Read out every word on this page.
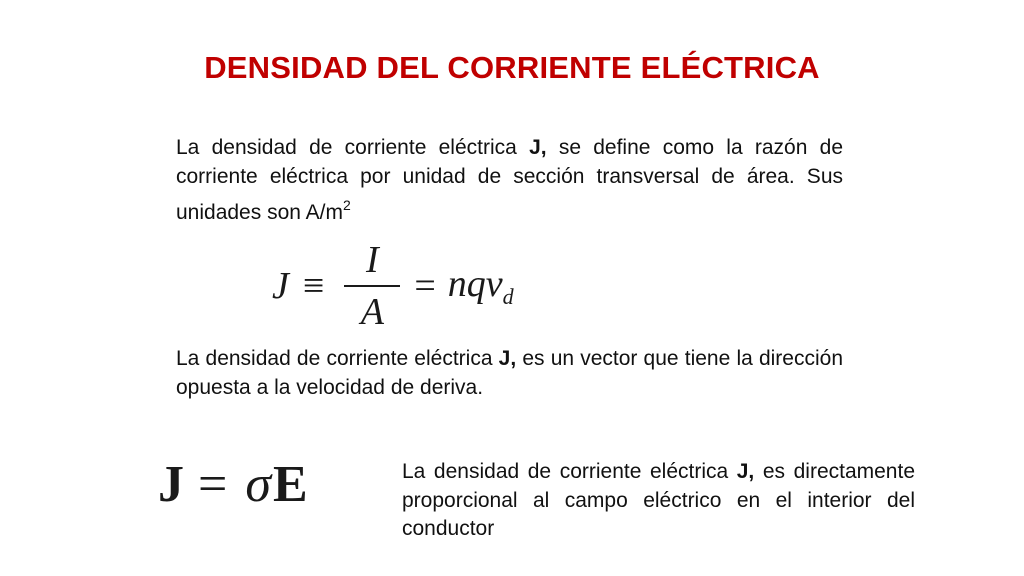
DENSIDAD DEL CORRIENTE ELÉCTRICA
La densidad de corriente eléctrica J, se define como la razón de corriente eléctrica por unidad de sección transversal de área. Sus unidades son $A/m^2$
$J \equiv \frac{I}{A} = nqv_d$
La densidad de corriente eléctrica J, es un vector que tiene la dirección opuesta a la velocidad de deriva.
J = σ E	La densidad de corriente eléctrica J, es directamente proporcional al campo eléctrico en el interior del conductor
